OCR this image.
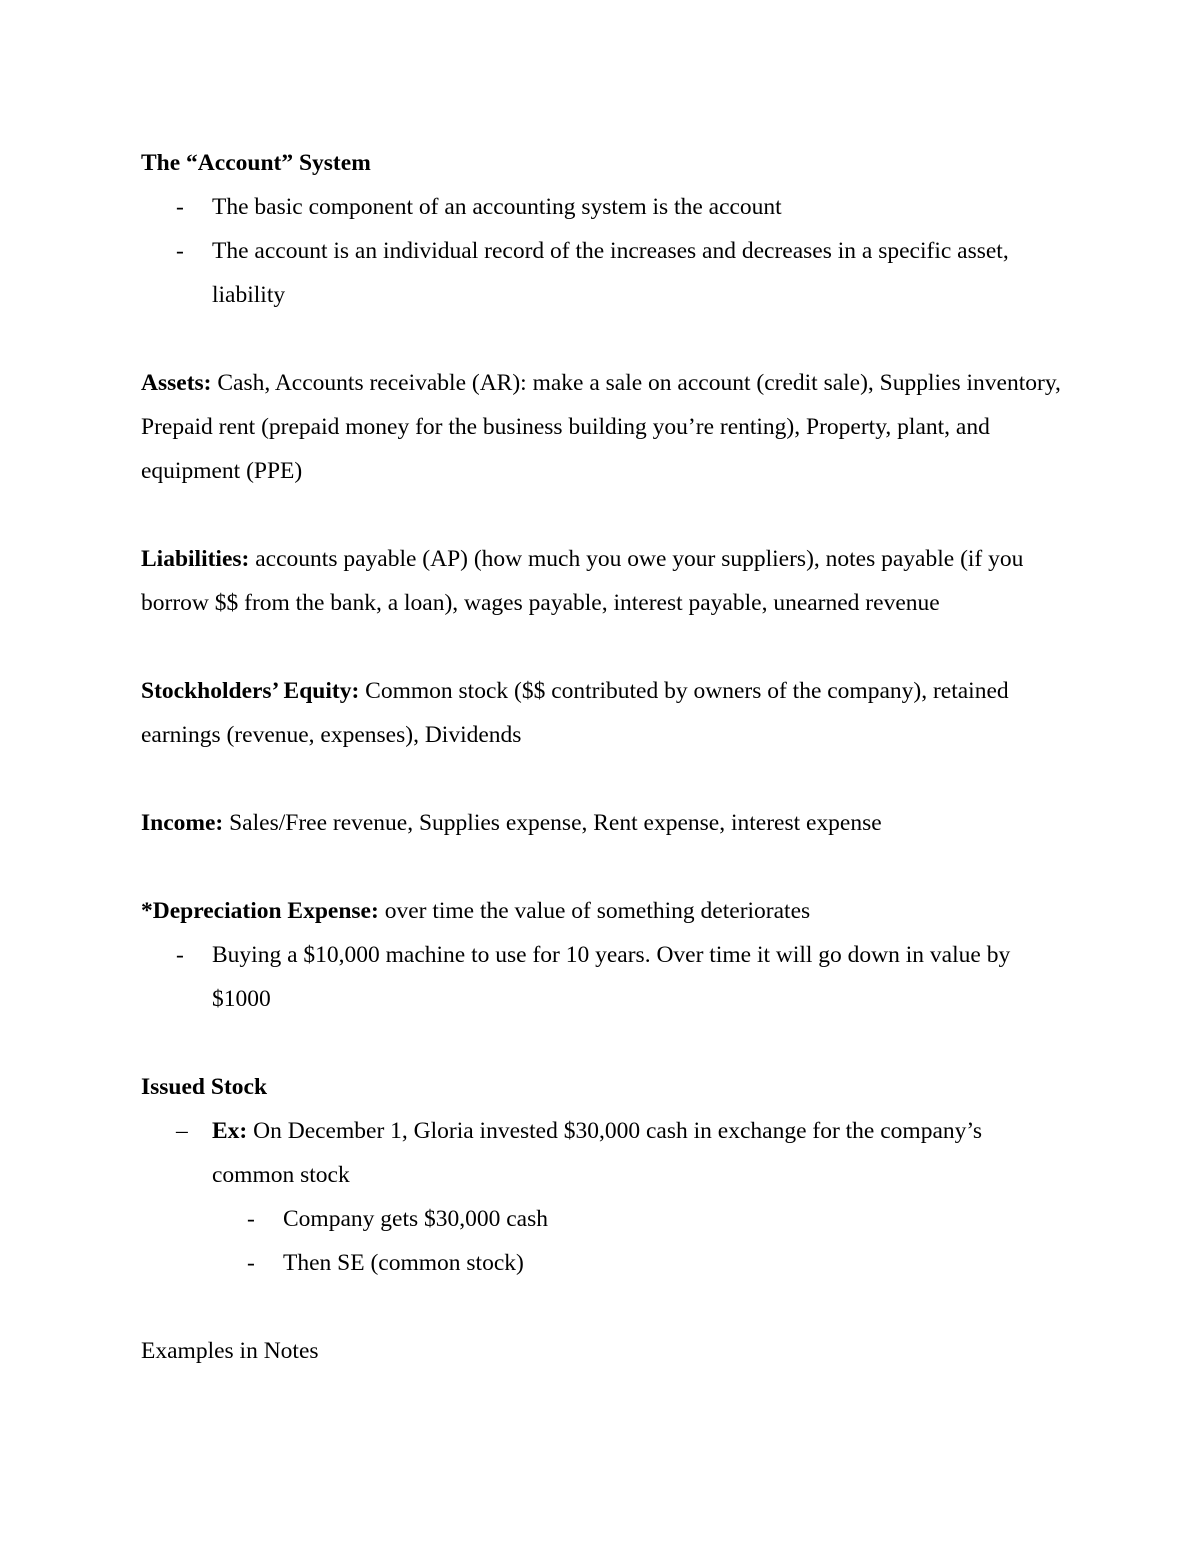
The “Account” System

- The basic component of an accounting system is the account

- The account is an individual record of the increases and decreases in a specific asset, liability

Assets: Cash, Accounts receivable (AR): make a sale on account (credit sale), Supplies inventory, Prepaid rent (prepaid money for the business building you’re renting), Property, plant, and equipment (PPE)

Liabilities: accounts payable (AP) (how much you owe your suppliers), notes payable (if you borrow $$ from the bank, a loan), wages payable, interest payable, unearned revenue

Stockholders’ Equity: Common stock ($$ contributed by owners of the company), retained earnings (revenue, expenses), Dividends

Income: Sales/Free revenue, Supplies expense, Rent expense, interest expense

*Depreciation Expense: over time the value of something deteriorates

- Buying a $10,000 machine to use for 10 years. Over time it will go down in value by $1000

Issued Stock

– Ex: On December 1, Gloria invested $30,000 cash in exchange for the company’s common stock

- Company gets $30,000 cash

- Then SE (common stock)

Examples in Notes
